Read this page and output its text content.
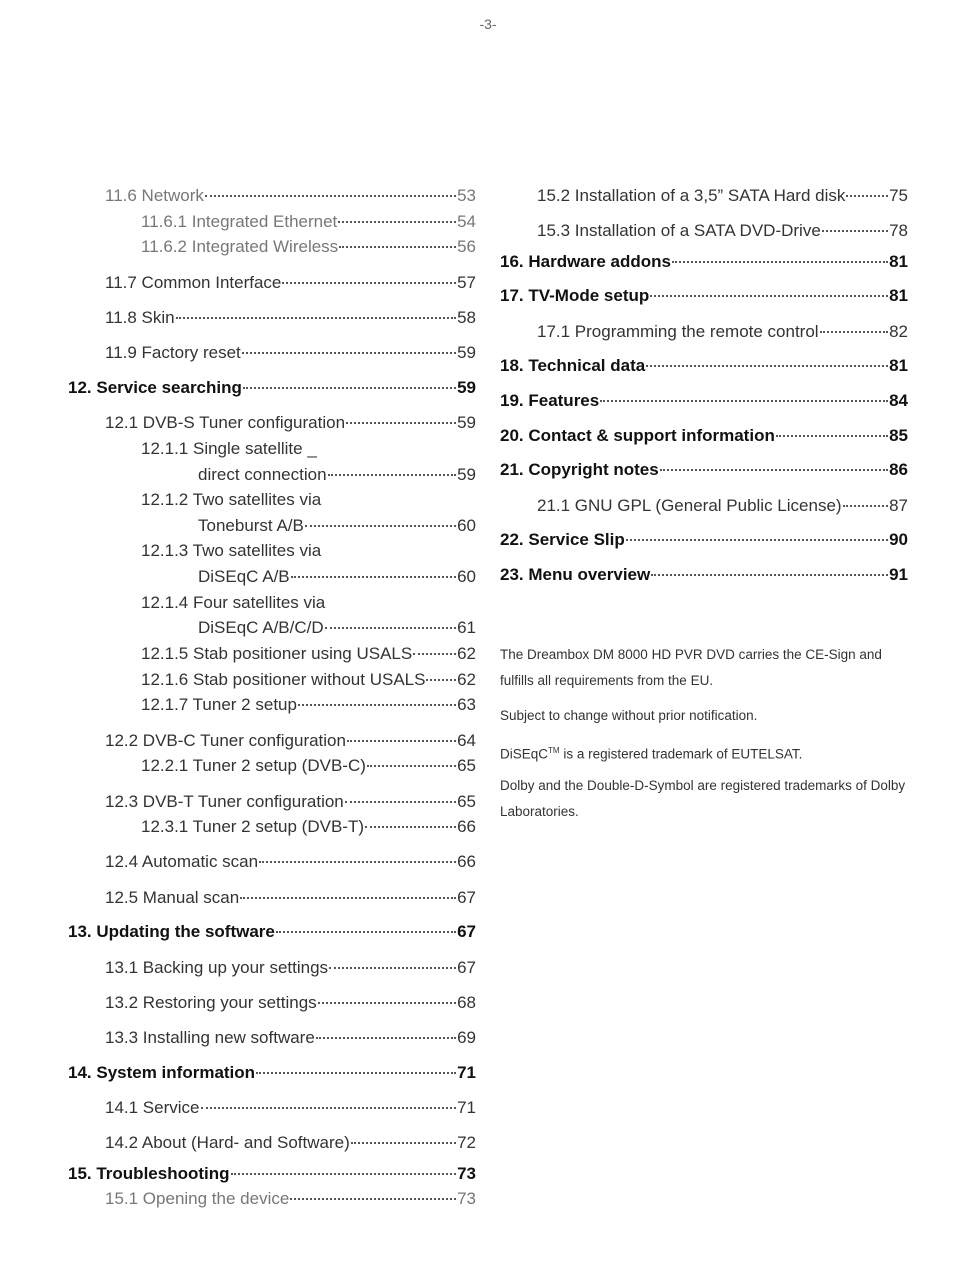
-3-
11.6 Network	53
11.6.1 Integrated Ethernet	54
11.6.2 Integrated Wireless	56
11.7 Common Interface	57
11.8 Skin	58
11.9 Factory reset	59
12. Service searching	59
12.1 DVB-S Tuner configuration	59
12.1.1 Single satellite _
direct connection	59
12.1.2 Two satellites via
Toneburst A/B	60
12.1.3 Two satellites via
DiSEqC A/B	60
12.1.4 Four satellites via
DiSEqC A/B/C/D	61
12.1.5 Stab positioner using USALS	62
12.1.6 Stab positioner without USALS 62
12.1.7 Tuner 2 setup	63
12.2 DVB-C Tuner configuration	64
12.2.1 Tuner 2 setup (DVB-C)	65
12.3 DVB-T Tuner configuration	65
12.3.1 Tuner 2 setup (DVB-T)	66
12.4 Automatic scan	66
12.5 Manual scan	67
13. Updating the software	67
13.1 Backing up your settings	67
13.2 Restoring your settings	68
13.3 Installing new software	69
14. System information	71
14.1 Service	71
14.2 About (Hard- and Software)	72
15. Troubleshooting	73
15.1 Opening the device	73
15.2 Installation of a 3,5” SATA Hard disk	75
15.3 Installation of a SATA DVD-Drive	78
16. Hardware addons	81
17. TV-Mode setup	81
17.1 Programming the remote control	82
18. Technical data	81
19. Features	84
20. Contact & support information	85
21. Copyright notes	86
21.1 GNU GPL (General Public License)	87
22. Service Slip	90
23. Menu overview	91
The Dreambox DM 8000 HD PVR DVD carries the CE-Sign and fulfills all requirements from the EU.
Subject to change without prior notification.
DiSEqC™ is a registered trademark of EUTELSAT.
Dolby and the Double-D-Symbol are registered trademarks of Dolby Laboratories.
